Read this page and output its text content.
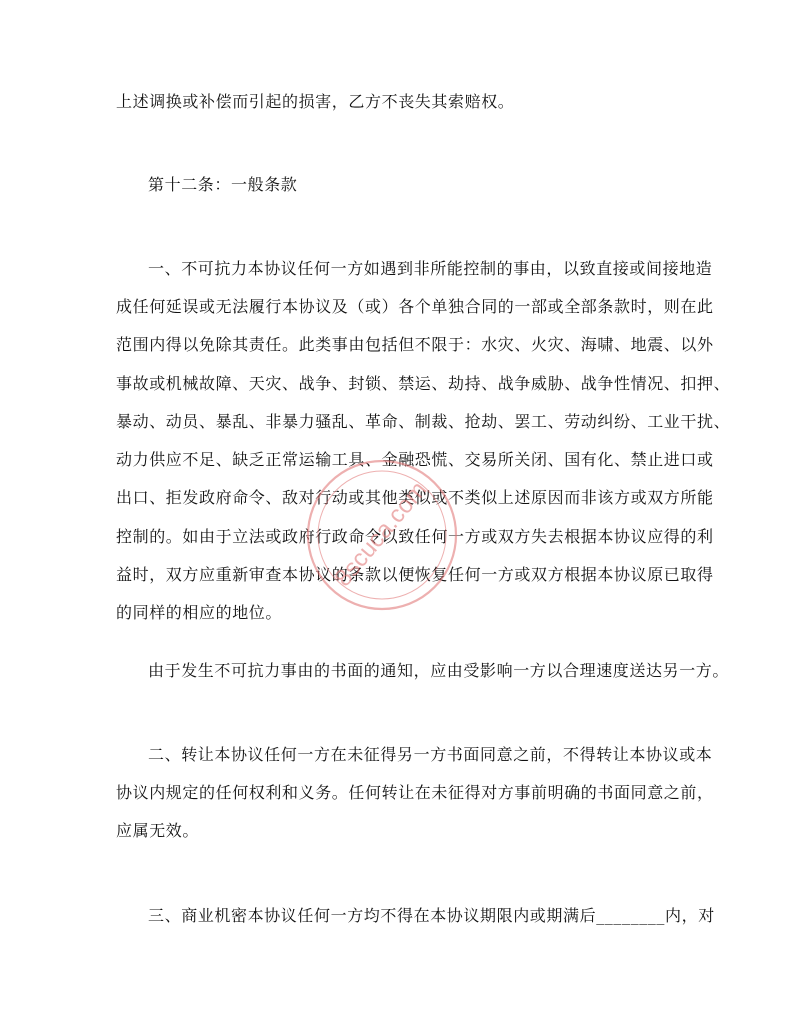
上述调换或补偿而引起的损害，乙方不丧失其索赔权。
第十二条：一般条款
一、不可抗力本协议任何一方如遇到非所能控制的事由，以致直接或间接地造
成任何延误或无法履行本协议及（或）各个单独合同的一部或全部条款时，则在此
范围内得以免除其责任。此类事由包括但不限于：水灾、火灾、海啸、地震、以外
事故或机械故障、天灾、战争、封锁、禁运、劫持、战争威胁、战争性情况、扣押、
暴动、动员、暴乱、非暴力骚乱、革命、制裁、抢劫、罢工、劳动纠纷、工业干扰、
动力供应不足、缺乏正常运输工具、金融恐慌、交易所关闭、国有化、禁止进口或
出口、拒发政府命令、敌对行动或其他类似或不类似上述原因而非该方或双方所能
控制的。如由于立法或政府行政命令以致任何一方或双方失去根据本协议应得的利
益时，双方应重新审查本协议的条款以便恢复任何一方或双方根据本协议原已取得
的同样的相应的地位。
由于发生不可抗力事由的书面的通知，应由受影响一方以合理速度送达另一方。
二、转让本协议任何一方在未征得另一方书面同意之前，不得转让本协议或本
协议内规定的任何权利和义务。任何转让在未征得对方事前明确的书面同意之前，
应属无效。
三、商业机密本协议任何一方均不得在本协议期限内或期满后________内，对
8scuca.com
